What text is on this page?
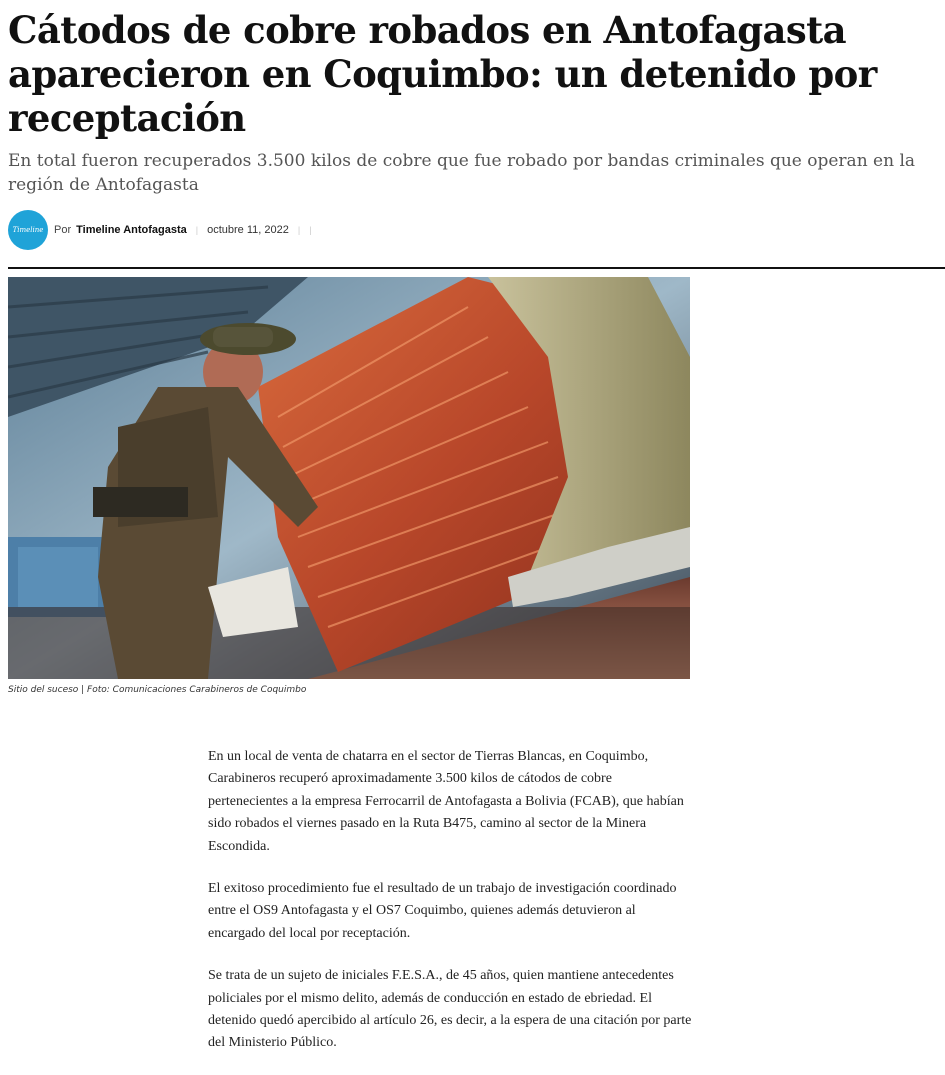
Cátodos de cobre robados en Antofagasta aparecieron en Coquimbo: un detenido por receptación

En total fueron recuperados 3.500 kilos de cobre que fue robado por bandas criminales que operan en la región de Antofagasta

Timeline Por Timeline Antofagasta | octubre 11, 2022 | |
Sitio del suceso | Foto: Comunicaciones Carabineros de Coquimbo

En un local de venta de chatarra en el sector de Tierras Blancas, en Coquimbo, Carabineros recuperó aproximadamente 3.500 kilos de cátodos de cobre pertenecientes a la empresa Ferrocarril de Antofagasta a Bolivia (FCAB), que habían sido robados el viernes pasado en la Ruta B475, camino al sector de la Minera Escondida.

El exitoso procedimiento fue el resultado de un trabajo de investigación coordinado entre el OS9 Antofagasta y el OS7 Coquimbo, quienes además detuvieron al encargado del local por receptación.

Se trata de un sujeto de iniciales F.E.S.A., de 45 años, quien mantiene antecedentes policiales por el mismo delito, además de conducción en estado de ebriedad. El detenido quedó apercibido al artículo 26, es decir, a la espera de una citación por parte del Ministerio Público.
